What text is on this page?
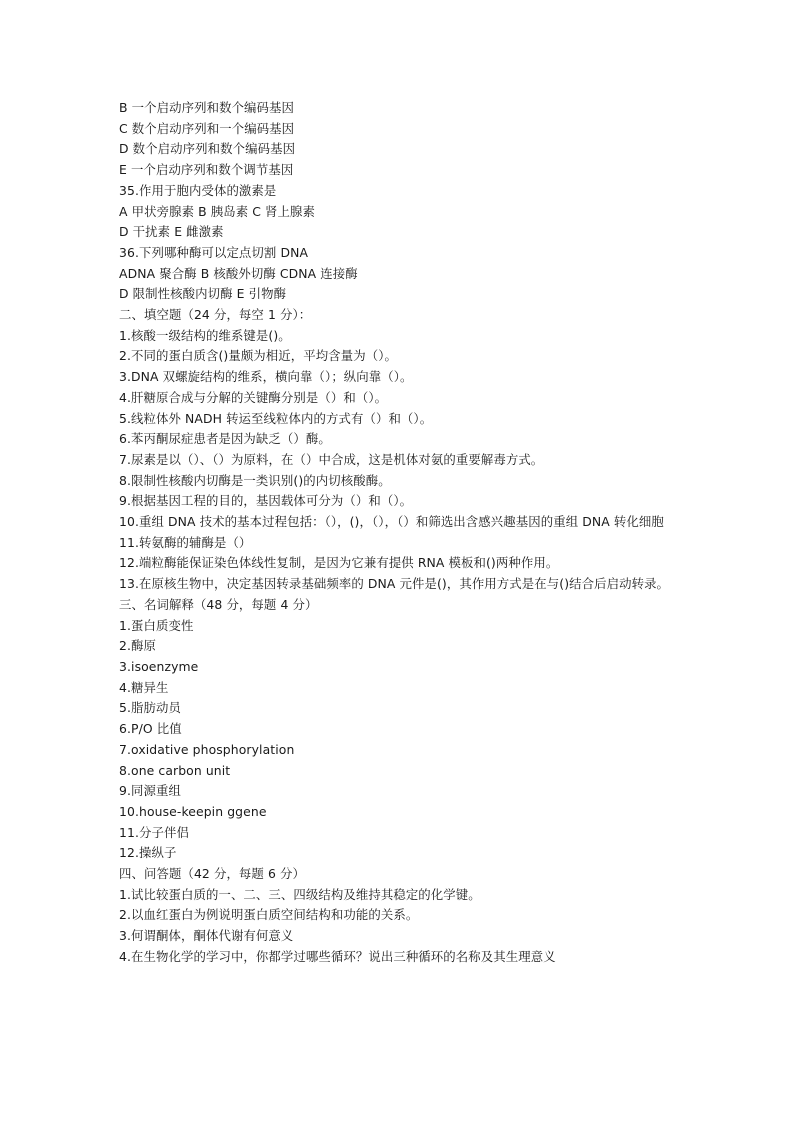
B 一个启动序列和数个编码基因
C 数个启动序列和一个编码基因
D 数个启动序列和数个编码基因
E 一个启动序列和数个调节基因
35.作用于胞内受体的激素是
A 甲状旁腺素 B 胰岛素 C 肾上腺素
D 干扰素 E 雌激素
36.下列哪种酶可以定点切割 DNA
ADNA 聚合酶 B 核酸外切酶 CDNA 连接酶
D 限制性核酸内切酶 E 引物酶
二、填空题（24 分，每空 1 分）：
1.核酸一级结构的维系键是()。
2.不同的蛋白质含()量颇为相近，平均含量为（）。
3.DNA 双螺旋结构的维系，横向靠（）；纵向靠（）。
4.肝糖原合成与分解的关键酶分别是（）和（）。
5.线粒体外 NADH 转运至线粒体内的方式有（）和（）。
6.苯丙酮尿症患者是因为缺乏（）酶。
7.尿素是以（）、（）为原料，在（）中合成，这是机体对氨的重要解毒方式。
8.限制性核酸内切酶是一类识别()的内切核酸酶。
9.根据基因工程的目的，基因载体可分为（）和（）。
10.重组 DNA 技术的基本过程包括：（），()，（），（）和筛选出含感兴趣基因的重组 DNA 转化细胞
11.转氨酶的辅酶是（）
12.端粒酶能保证染色体线性复制，是因为它兼有提供 RNA 模板和()两种作用。
13.在原核生物中，决定基因转录基础频率的 DNA 元件是()，其作用方式是在与()结合后启动转录。
三、名词解释（48 分，每题 4 分）
1.蛋白质变性
2.酶原
3.isoenzyme
4.糖异生
5.脂肪动员
6.P/O 比值
7.oxidative phosphorylation
8.one carbon unit
9.同源重组
10.house-keepin ggene
11.分子伴侣
12.操纵子
四、问答题（42 分，每题 6 分）
1.试比较蛋白质的一、二、三、四级结构及维持其稳定的化学键。
2.以血红蛋白为例说明蛋白质空间结构和功能的关系。
3.何谓酮体，酮体代谢有何意义
4.在生物化学的学习中，你都学过哪些循环？说出三种循环的名称及其生理意义
